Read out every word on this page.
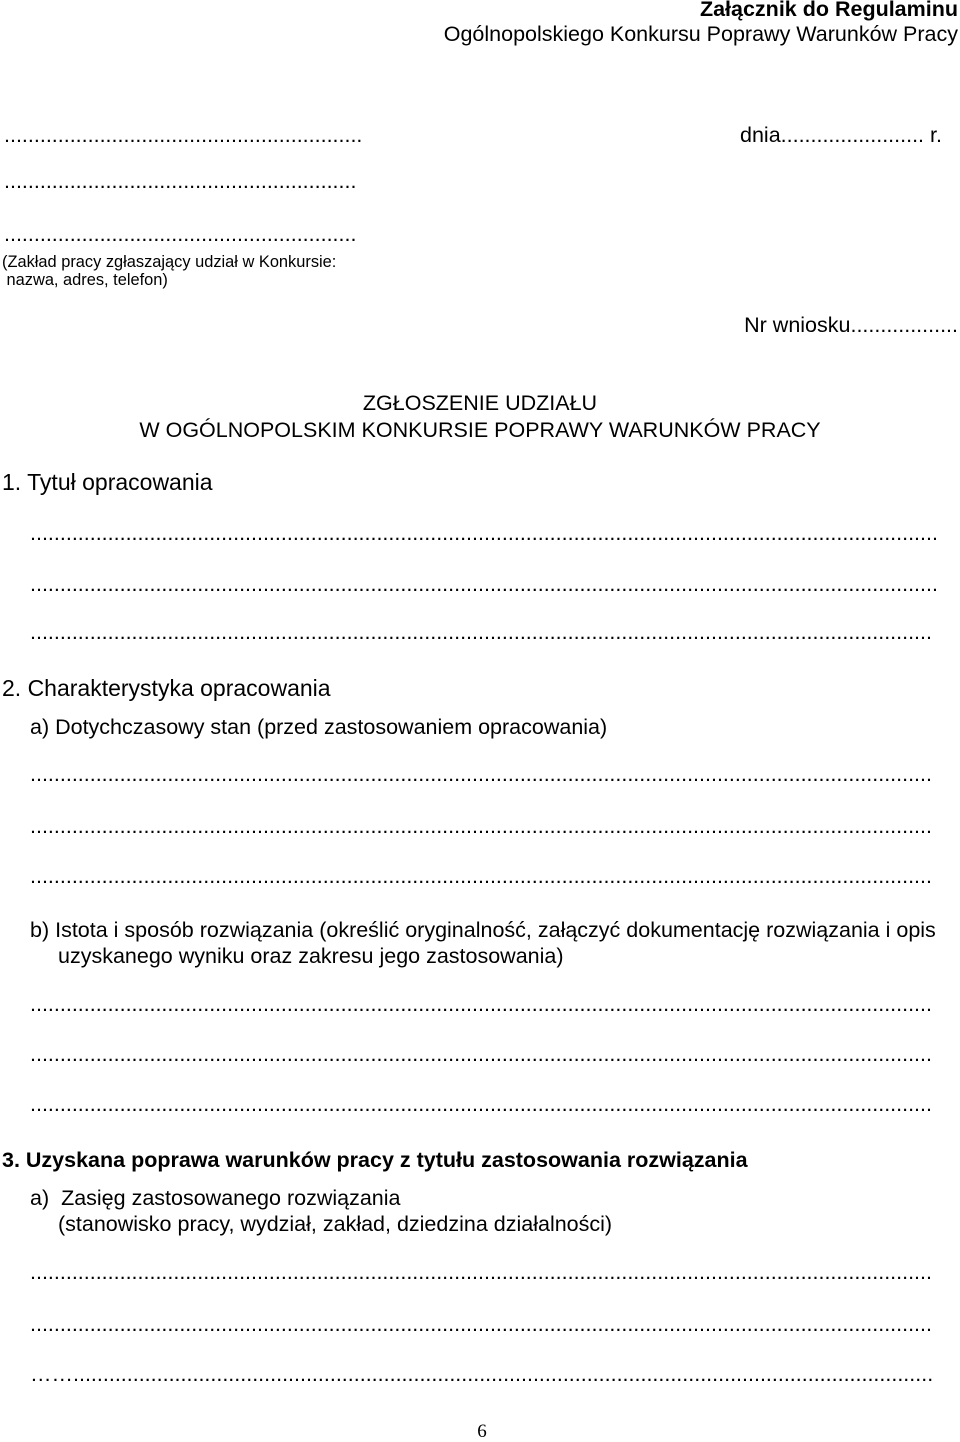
Załącznik do Regulaminu
Ogólnopolskiego Konkursu Poprawy Warunków Pracy
............................................................	dnia........................ r.
...........................................................
...........................................................
(Zakład pracy zgłaszający udział w Konkursie:
nazwa, adres, telefon)
Nr wniosku..................
ZGŁOSZENIE UDZIAŁU
W OGÓLNOPOLSKIM KONKURSIE POPRAWY WARUNKÓW PRACY
1. Tytuł opracowania
........................................................................................................................................................
........................................................................................................................................................
.......................................................................................................................................................
2. Charakterystyka opracowania
a) Dotychczasowy stan (przed zastosowaniem opracowania)
.......................................................................................................................................................
.......................................................................................................................................................
.......................................................................................................................................................
b) Istota i sposób rozwiązania (określić oryginalność, załączyć dokumentację rozwiązania i opis
uzyskanego wyniku oraz zakresu jego zastosowania)
.......................................................................................................................................................
.......................................................................................................................................................
.......................................................................................................................................................
3. Uzyskana poprawa warunków pracy z tytułu zastosowania rozwiązania
a)  Zasięg zastosowanego rozwiązania
(stanowisko pracy, wydział, zakład, dziedzina działalności)
.......................................................................................................................................................
.......................................................................................................................................................
……................................................................................................................................................
6
